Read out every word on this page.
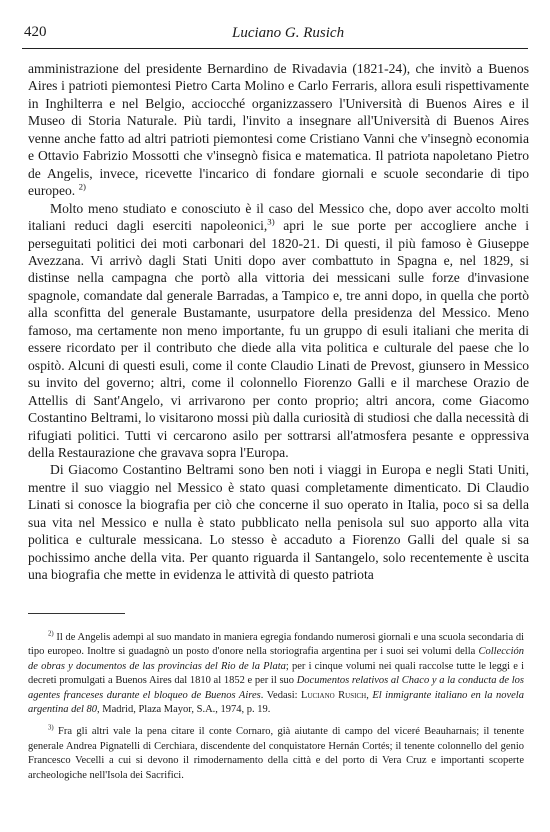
420	Luciano G. Rusich

amministrazione del presidente Bernardino de Rivadavia (1821-24), che invitò a Buenos Aires i patrioti piemontesi Pietro Carta Molino e Carlo Ferraris, allora esuli rispettivamente in Inghilterra e nel Belgio, acciocché organizzassero l'Università di Buenos Aires e il Museo di Storia Naturale. Più tardi, l'invito a insegnare all'Università di Buenos Aires venne anche fatto ad altri patrioti piemontesi come Cristiano Vanni che v'insegnò economia e Ottavio Fabrizio Mossotti che v'insegnò fisica e matematica. Il patriota napoletano Pietro de Angelis, invece, ricevette l'incarico di fondare giornali e scuole secondarie di tipo europeo. $^{2)}$

Molto meno studiato e conosciuto è il caso del Messico che, dopo aver accolto molti italiani reduci dagli eserciti napoleonici,$^{3)}$ apri le sue porte per accogliere anche i perseguitati politici dei moti carbonari del 1820-21. Di questi, il più famoso è Giuseppe Avezzana. Vi arrivò dagli Stati Uniti dopo aver combattuto in Spagna e, nel 1829, si distinse nella campagna che portò alla vittoria dei messicani sulle forze d'invasione spagnole, comandate dal generale Barradas, a Tampico e, tre anni dopo, in quella che portò alla sconfitta del generale Bustamante, usurpatore della presidenza del Messico. Meno famoso, ma certamente non meno importante, fu un gruppo di esuli italiani che merita di essere ricordato per il contributo che diede alla vita politica e culturale del paese che lo ospitò. Alcuni di questi esuli, come il conte Claudio Linati de Prevost, giunsero in Messico su invito del governo; altri, come il colonnello Fiorenzo Galli e il marchese Orazio de Attellis di Sant'Angelo, vi arrivarono per conto proprio; altri ancora, come Giacomo Costantino Beltrami, lo visitarono mossi più dalla curiosità di studiosi che dalla necessità di rifugiati politici. Tutti vi cercarono asilo per sottrarsi all'atmosfera pesante e oppressiva della Restaurazione che gravava sopra l'Europa.

Di Giacomo Costantino Beltrami sono ben noti i viaggi in Europa e negli Stati Uniti, mentre il suo viaggio nel Messico è stato quasi completamente dimenticato. Di Claudio Linati si conosce la biografia per ciò che concerne il suo operato in Italia, poco si sa della sua vita nel Messico e nulla è stato pubblicato nella penisola sul suo apporto alla vita politica e culturale messicana. Lo stesso è accaduto a Fiorenzo Galli del quale si sa pochissimo anche della vita. Per quanto riguarda il Santangelo, solo recentemente è uscita una biografia che mette in evidenza le attività di questo patriota

$^{2)}$ Il de Angelis adempì al suo mandato in maniera egregia fondando numerosi giornali e una scuola secondaria di tipo europeo. Inoltre si guadagnò un posto d'onore nella storiografia argentina per i suoi sei volumi della Collección de obras y documentos de las provincias del Rio de la Plata; per i cinque volumi nei quali raccolse tutte le leggi e i decreti promulgati a Buenos Aires dal 1810 al 1852 e per il suo Documentos relativos al Chaco y a la conducta de los agentes franceses durante el bloqueo de Buenos Aires. Vedasi: Luciano Rusich, El inmigrante italiano en la novela argentina del 80, Madrid, Plaza Mayor, S.A., 1974, p. 19.

$^{3)}$ Fra gli altri vale la pena citare il conte Cornaro, già aiutante di campo del viceré Beauharnais; il tenente generale Andrea Pignatelli di Cerchiara, discendente del conquistatore Hernán Cortés; il tenente colonnello del genio Francesco Vecelli a cui si devono il rimodernamento della città e del porto di Vera Cruz e importanti scoperte archeologiche nell'Isola dei Sacrifici.
